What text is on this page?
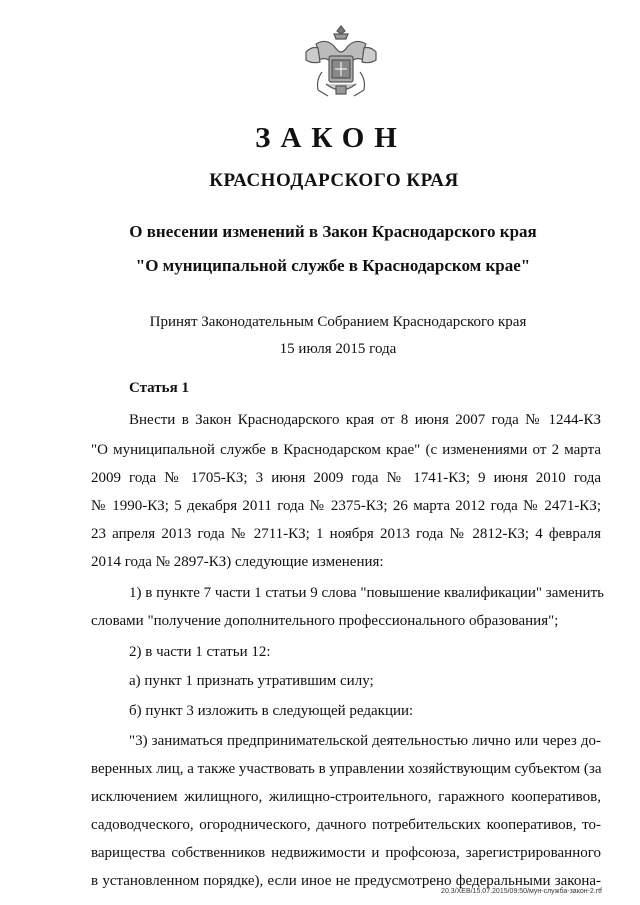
ЗАКОН
КРАСНОДАРСКОГО КРАЯ
О внесении изменений в Закон Краснодарского края
"О муниципальной службе в Краснодарском крае"
Принят Законодательным Собранием Краснодарского края
15 июля 2015 года
Статья 1
Внести в Закон Краснодарского края от 8 июня 2007 года № 1244-КЗ
"О муниципальной службе в Краснодарском крае" (с изменениями от 2 марта
2009 года № 1705-КЗ; 3 июня 2009 года № 1741-КЗ; 9 июня 2010 года
№ 1990-КЗ; 5 декабря 2011 года № 2375-КЗ; 26 марта 2012 года № 2471-КЗ;
23 апреля 2013 года № 2711-КЗ; 1 ноября 2013 года № 2812-КЗ; 4 февраля
2014 года № 2897-КЗ) следующие изменения:
1) в пункте 7 части 1 статьи 9 слова "повышение квалификации" заменить
словами "получение дополнительного профессионального образования";
2) в части 1 статьи 12:
а) пункт 1 признать утратившим силу;
б) пункт 3 изложить в следующей редакции:
"3) заниматься предпринимательской деятельностью лично или через до-
веренных лиц, а также участвовать в управлении хозяйствующим субъектом (за
исключением жилищного, жилищно-строительного, гаражного кооперативов,
садоводческого, огороднического, дачного потребительских кооперативов, то-
варищества собственников недвижимости и профсоюза, зарегистрированного
в установленном порядке), если иное не предусмотрено федеральными закона-
20.3/ХЕВ/15.07.2015/09:50/мун-служба-закон-2.rtf
